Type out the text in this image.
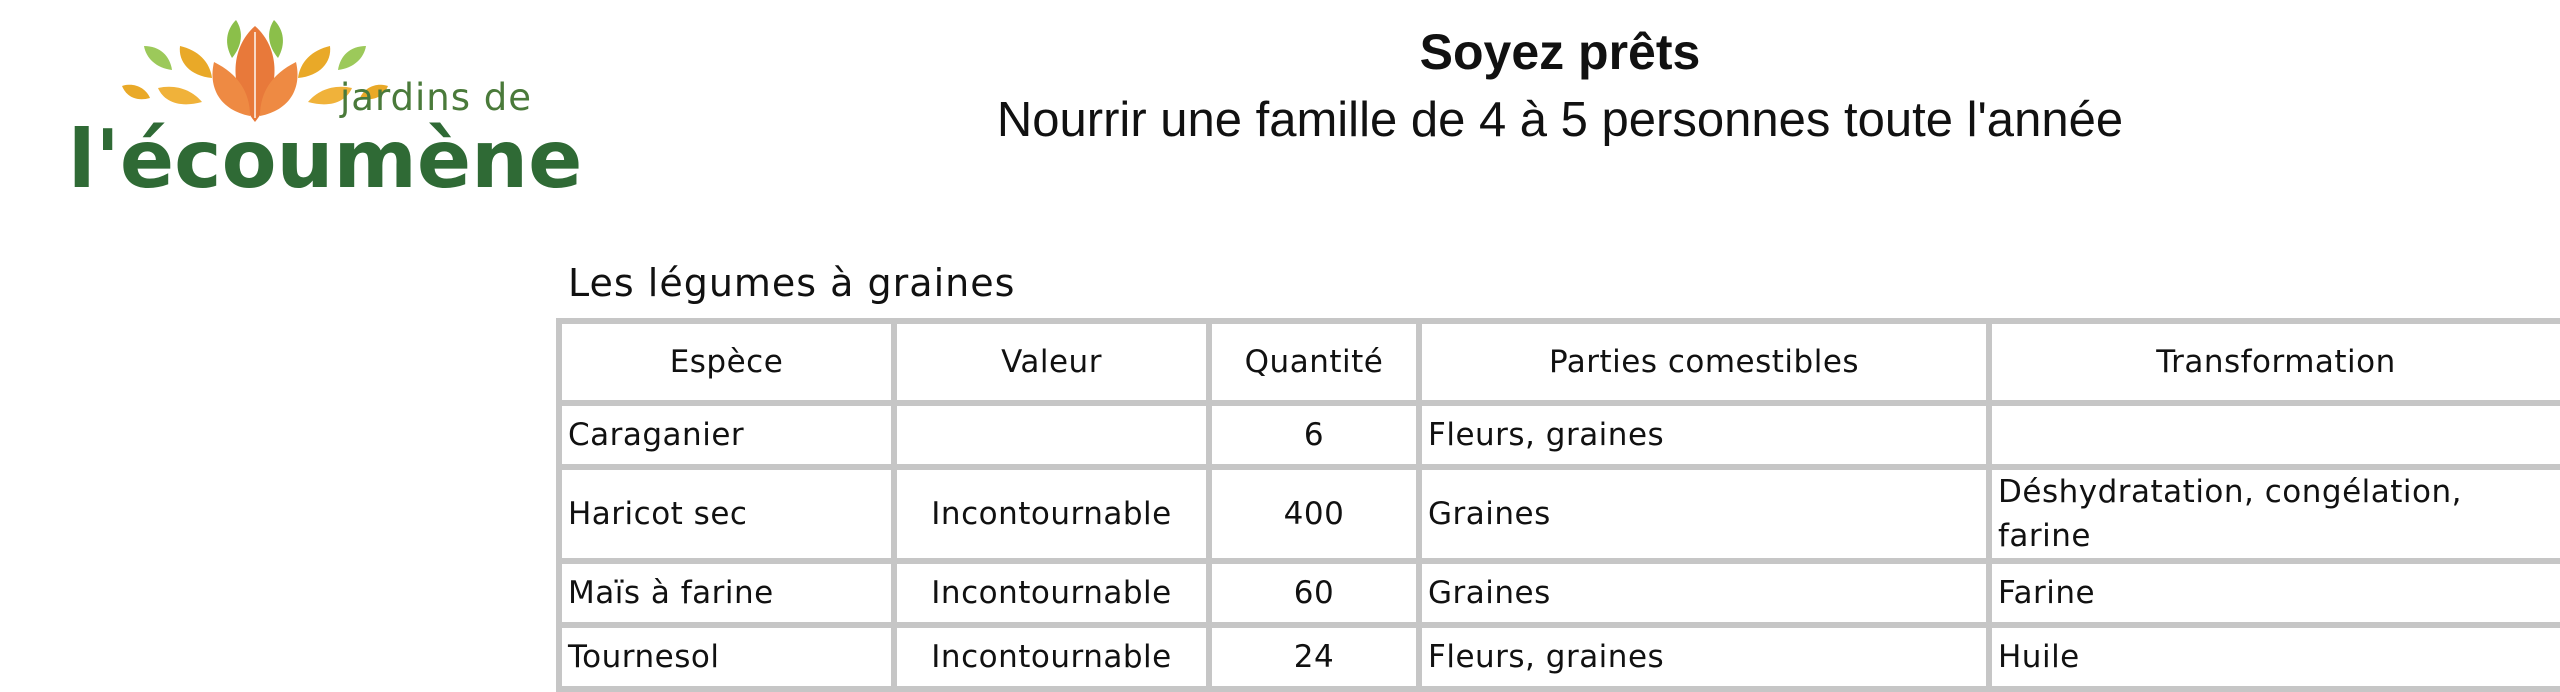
jardins de
l'écoumène
Soyez prêts
Nourrir une famille de 4 à 5 personnes toute l'année
Les légumes à graines
Espèce	Valeur	Quantité	Parties comestibles	Transformation
Caraganier		6	Fleurs, graines	
Haricot sec	Incontournable	400	Graines	Déshydratation, congélation, farine
Maïs à farine	Incontournable	60	Graines	Farine
Tournesol	Incontournable	24	Fleurs, graines	Huile
